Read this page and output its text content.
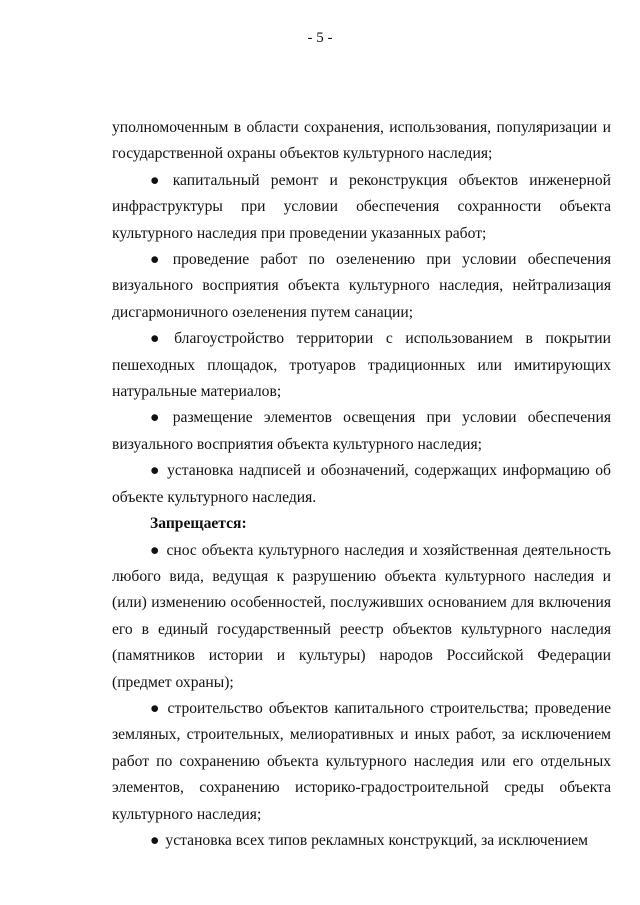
- 5 -

уполномоченным в области сохранения, использования, популяризации и государственной охраны объектов культурного наследия;

● капитальный ремонт и реконструкция объектов инженерной инфраструктуры при условии обеспечения сохранности объекта культурного наследия при проведении указанных работ;

● проведение работ по озеленению при условии обеспечения визуального восприятия объекта культурного наследия, нейтрализация дисгармоничного озеленения путем санации;

● благоустройство территории с использованием в покрытии пешеходных площадок, тротуаров традиционных или имитирующих натуральные материалов;

● размещение элементов освещения при условии обеспечения визуального восприятия объекта культурного наследия;

● установка надписей и обозначений, содержащих информацию об объекте культурного наследия.

Запрещается:

● снос объекта культурного наследия и хозяйственная деятельность любого вида, ведущая к разрушению объекта культурного наследия и (или) изменению особенностей, послуживших основанием для включения его в единый государственный реестр объектов культурного наследия (памятников истории и культуры) народов Российской Федерации (предмет охраны);

● строительство объектов капитального строительства; проведение земляных, строительных, мелиоративных и иных работ, за исключением работ по сохранению объекта культурного наследия или его отдельных элементов, сохранению историко-градостроительной среды объекта культурного наследия;

● установка всех типов рекламных конструкций, за исключением
